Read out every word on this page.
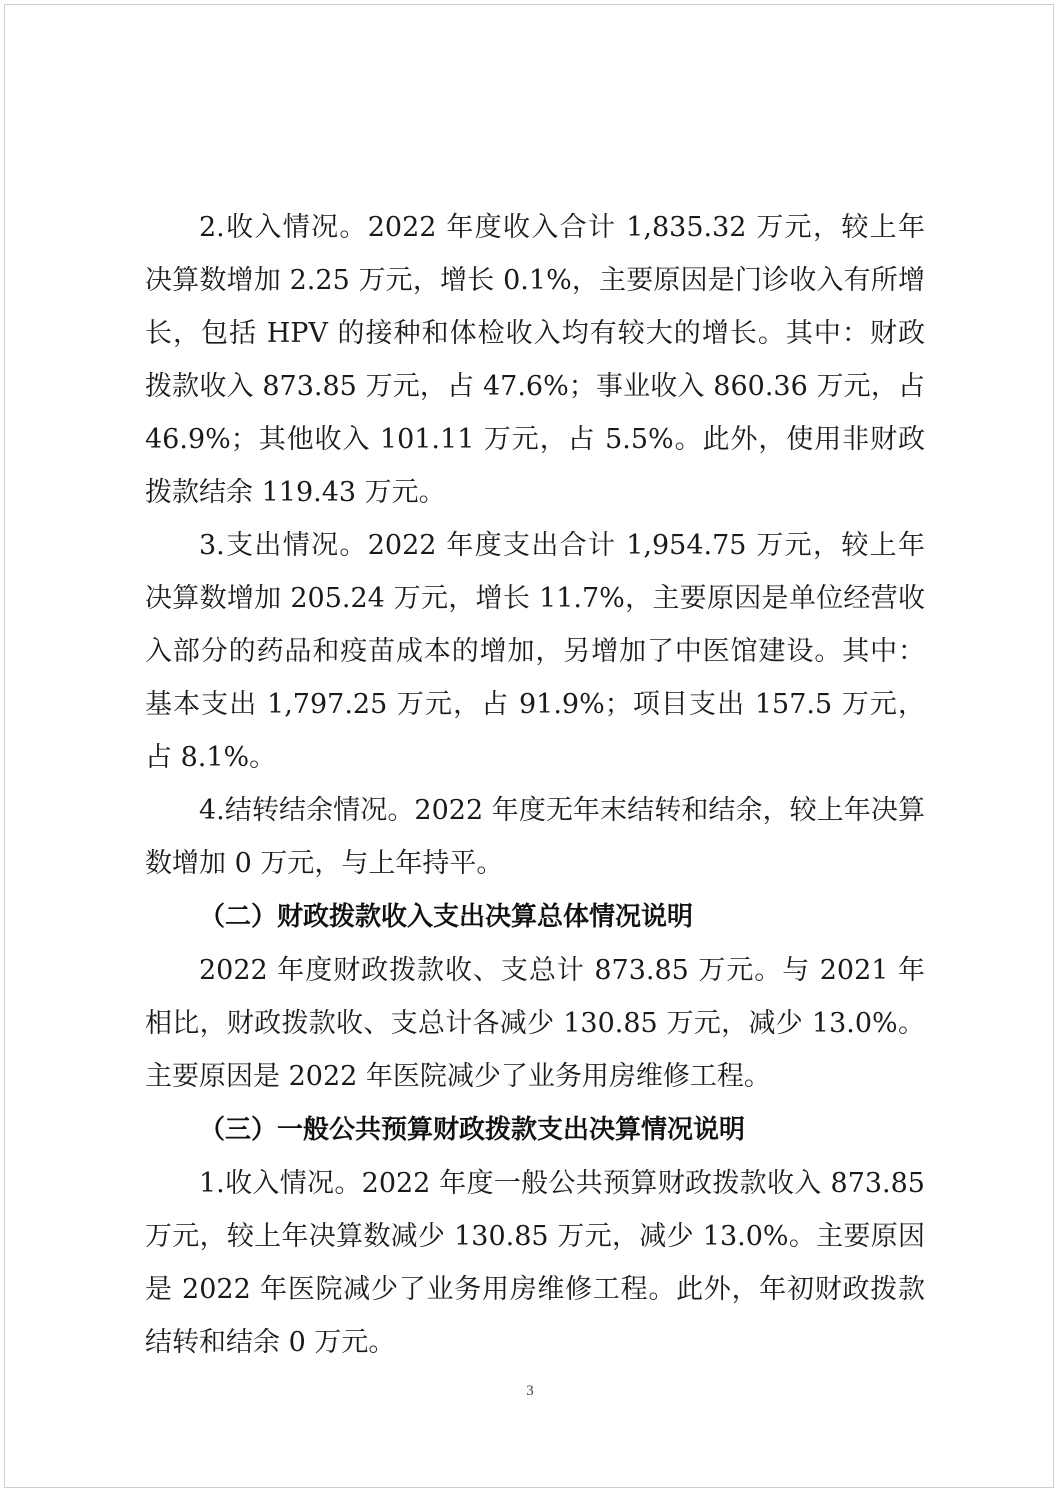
2.收入情况。2022 年度收入合计 1,835.32 万元，较上年决算数增加 2.25 万元，增长 0.1%，主要原因是门诊收入有所增长，包括 HPV 的接种和体检收入均有较大的增长。其中：财政拨款收入 873.85 万元，占 47.6%；事业收入 860.36 万元，占 46.9%；其他收入 101.11 万元，占 5.5%。此外，使用非财政拨款结余 119.43 万元。

3.支出情况。2022 年度支出合计 1,954.75 万元，较上年决算数增加 205.24 万元，增长 11.7%，主要原因是单位经营收入部分的药品和疫苗成本的增加，另增加了中医馆建设。其中：基本支出 1,797.25 万元，占 91.9%；项目支出 157.5 万元，占 8.1%。

4.结转结余情况。2022 年度无年末结转和结余，较上年决算数增加 0 万元，与上年持平。

（二）财政拨款收入支出决算总体情况说明

2022 年度财政拨款收、支总计 873.85 万元。与 2021 年相比，财政拨款收、支总计各减少 130.85 万元，减少 13.0%。主要原因是 2022 年医院减少了业务用房维修工程。

（三）一般公共预算财政拨款支出决算情况说明

1.收入情况。2022 年度一般公共预算财政拨款收入 873.85 万元，较上年决算数减少 130.85 万元，减少 13.0%。主要原因是 2022 年医院减少了业务用房维修工程。此外，年初财政拨款结转和结余 0 万元。

3
